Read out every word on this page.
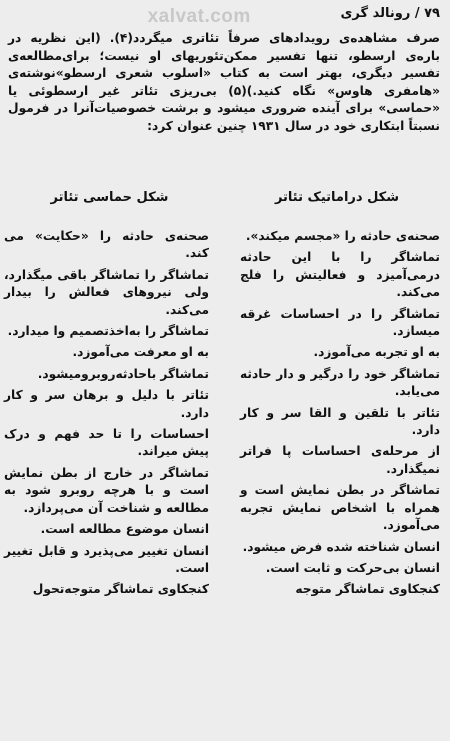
۷۹ / رونالد گری
xalvat.com

صرف مشاهده‌ی رویدادهای صرفاً تئاتری میگردد(۴). (این نظریه در باره‌ی ارسطو، تنها تفسیر ممکن‌تئوریهای او نیست؛ برای‌مطالعه‌ی تفسیر دیگری، بهتر است به کتاب «اسلوب شعری ارسطو»‌نوشته‌ی «هامفری هاوس» نگاه کنید.)(۵) بی‌ریزی تئاتر غیر ارسطوئی یا «حماسی» برای آینده ضروری میشود و برشت خصوصیات‌آنرا در فرمول نسبتاً ابتکاری خود در سال ۱۹۳۱ چنین عنوان کرد:

شکل دراماتیک تئاتر
شکل حماسی تئاتر

صحنه‌ی حادثه را «مجسم میکند».

تماشاگر را با این حادثه درمی‌آمیزد و فعالیتش را فلج می‌کند.

تماشاگر را در احساسات غرقه میسازد.

به او تجربه می‌آموزد.

تماشاگر خود را درگیر و دار حادثه می‌یابد.

تئاتر با تلقین و القا سر و کار دارد.

از مرحله‌ی احساسات پا فراتر نمیگذارد.

تماشاگر در بطن نمایش است و همراه با اشخاص نمایش تجربه می‌آموزد.

انسان شناخته شده فرض میشود.

انسان بی‌حرکت و ثابت است.

کنجکاوی تماشاگر متوجه

صحنه‌ی حادثه را «حکایت» می کند.

تماشاگر را تماشاگر باقی میگذارد، ولی نیروهای فعالش را بیدار می‌کند.

تماشاگر را به‌اخذتصمیم وا میدارد.

به او معرفت می‌آموزد.

تماشاگر باحادثه‌روبرومیشود.

تئاتر با دلیل و برهان سر و کار دارد.

احساسات را تا حد فهم و درک پیش میراند.

تماشاگر در خارج از بطن نمایش است و با هرچه روبرو شود به مطالعه و شناخت آن می‌پردازد.

انسان موضوع مطالعه است.

انسان تغییر می‌پذیرد و قابل تغییر است.

کنجکاوی تماشاگر متوجه‌تحول
